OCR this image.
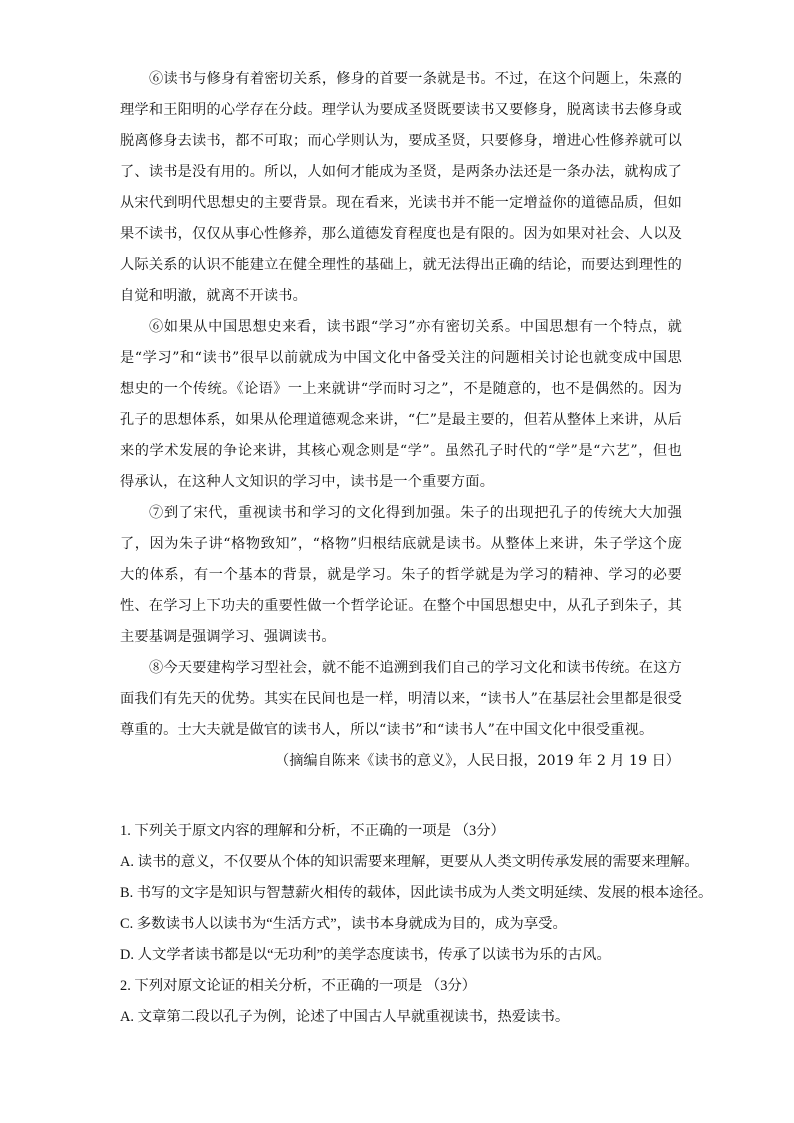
⑥读书与修身有着密切关系，修身的首要一条就是书。不过，在这个问题上，朱熹的理学和王阳明的心学存在分歧。理学认为要成圣贤既要读书又要修身，脱离读书去修身或脱离修身去读书，都不可取；而心学则认为，要成圣贤，只要修身，增进心性修养就可以了、读书是没有用的。所以，人如何才能成为圣贤，是两条办法还是一条办法，就构成了从宋代到明代思想史的主要背景。现在看来，光读书并不能一定增益你的道德品质，但如果不读书，仅仅从事心性修养，那么道德发育程度也是有限的。因为如果对社会、人以及人际关系的认识不能建立在健全理性的基础上，就无法得出正确的结论，而要达到理性的自觉和明澈，就离不开读书。

⑥如果从中国思想史来看，读书跟“学习”亦有密切关系。中国思想有一个特点，就是“学习”和“读书”很早以前就成为中国文化中备受关注的问题相关讨论也就变成中国思想史的一个传统。《论语》一上来就讲“学而时习之”，不是随意的，也不是偶然的。因为孔子的思想体系，如果从伦理道德观念来讲，“仁”是最主要的，但若从整体上来讲，从后来的学术发展的争论来讲，其核心观念则是“学”。虽然孔子时代的“学”是“六艺”，但也得承认，在这种人文知识的学习中，读书是一个重要方面。

⑦到了宋代，重视读书和学习的文化得到加强。朱子的出现把孔子的传统大大加强了，因为朱子讲“格物致知”，“格物”归根结底就是读书。从整体上来讲，朱子学这个庞大的体系，有一个基本的背景，就是学习。朱子的哲学就是为学习的精神、学习的必要性、在学习上下功夫的重要性做一个哲学论证。在整个中国思想史中，从孔子到朱子，其主要基调是强调学习、强调读书。

⑧今天要建构学习型社会，就不能不追溯到我们自己的学习文化和读书传统。在这方面我们有先天的优势。其实在民间也是一样，明清以来，“读书人”在基层社会里都是很受尊重的。士大夫就是做官的读书人，所以“读书”和“读书人”在中国文化中很受重视。

（摘编自陈来《读书的意义》，人民日报，2019 年 2 月 19 日）

1. 下列关于原文内容的理解和分析，不正确的一项是 （3分）

A. 读书的意义，不仅要从个体的知识需要来理解，更要从人类文明传承发展的需要来理解。

B. 书写的文字是知识与智慧薪火相传的载体，因此读书成为人类文明延续、发展的根本途径。

C. 多数读书人以读书为“生活方式”，读书本身就成为目的，成为享受。

D. 人文学者读书都是以“无功利”的美学态度读书，传承了以读书为乐的古风。

2. 下列对原文论证的相关分析，不正确的一项是 （3分）

A. 文章第二段以孔子为例，论述了中国古人早就重视读书，热爱读书。
